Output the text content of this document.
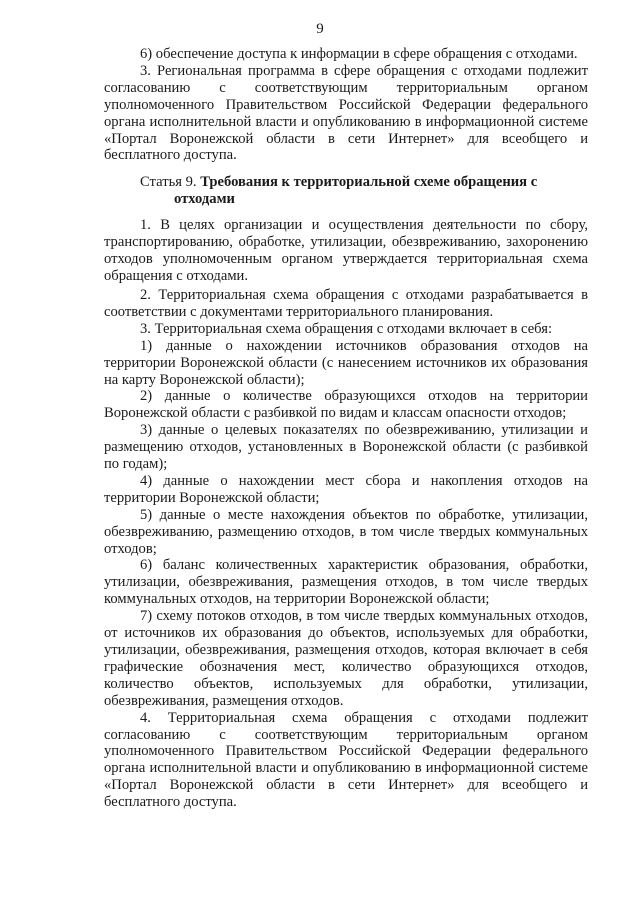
9

6) обеспечение доступа к информации в сфере обращения с отходами.

3. Региональная программа в сфере обращения с отходами подлежит согласованию с соответствующим территориальным органом уполномоченного Правительством Российской Федерации федерального органа исполнительной власти и опубликованию в информационной системе «Портал Воронежской области в сети Интернет» для всеобщего и бесплатного доступа.

Статья 9. Требования к территориальной схеме обращения с
отходами

1. В целях организации и осуществления деятельности по сбору, транспортированию, обработке, утилизации, обезвреживанию, захоронению отходов уполномоченным органом утверждается территориальная схема обращения с отходами.

2. Территориальная схема обращения с отходами разрабатывается в соответствии с документами территориального планирования.

3. Территориальная схема обращения с отходами включает в себя:

1) данные о нахождении источников образования отходов на территории Воронежской области (с нанесением источников их образования на карту Воронежской области);

2) данные о количестве образующихся отходов на территории Воронежской области с разбивкой по видам и классам опасности отходов;

3) данные о целевых показателях по обезвреживанию, утилизации и размещению отходов, установленных в Воронежской области (с разбивкой по годам);

4) данные о нахождении мест сбора и накопления отходов на территории Воронежской области;

5) данные о месте нахождения объектов по обработке, утилизации, обезвреживанию, размещению отходов, в том числе твердых коммунальных отходов;

6) баланс количественных характеристик образования, обработки, утилизации, обезвреживания, размещения отходов, в том числе твердых коммунальных отходов, на территории Воронежской области;

7) схему потоков отходов, в том числе твердых коммунальных отходов, от источников их образования до объектов, используемых для обработки, утилизации, обезвреживания, размещения отходов, которая включает в себя графические обозначения мест, количество образующихся отходов, количество объектов, используемых для обработки, утилизации, обезвреживания, размещения отходов.

4. Территориальная схема обращения с отходами подлежит согласованию с соответствующим территориальным органом уполномоченного Правительством Российской Федерации федерального органа исполнительной власти и опубликованию в информационной системе «Портал Воронежской области в сети Интернет» для всеобщего и бесплатного доступа.
